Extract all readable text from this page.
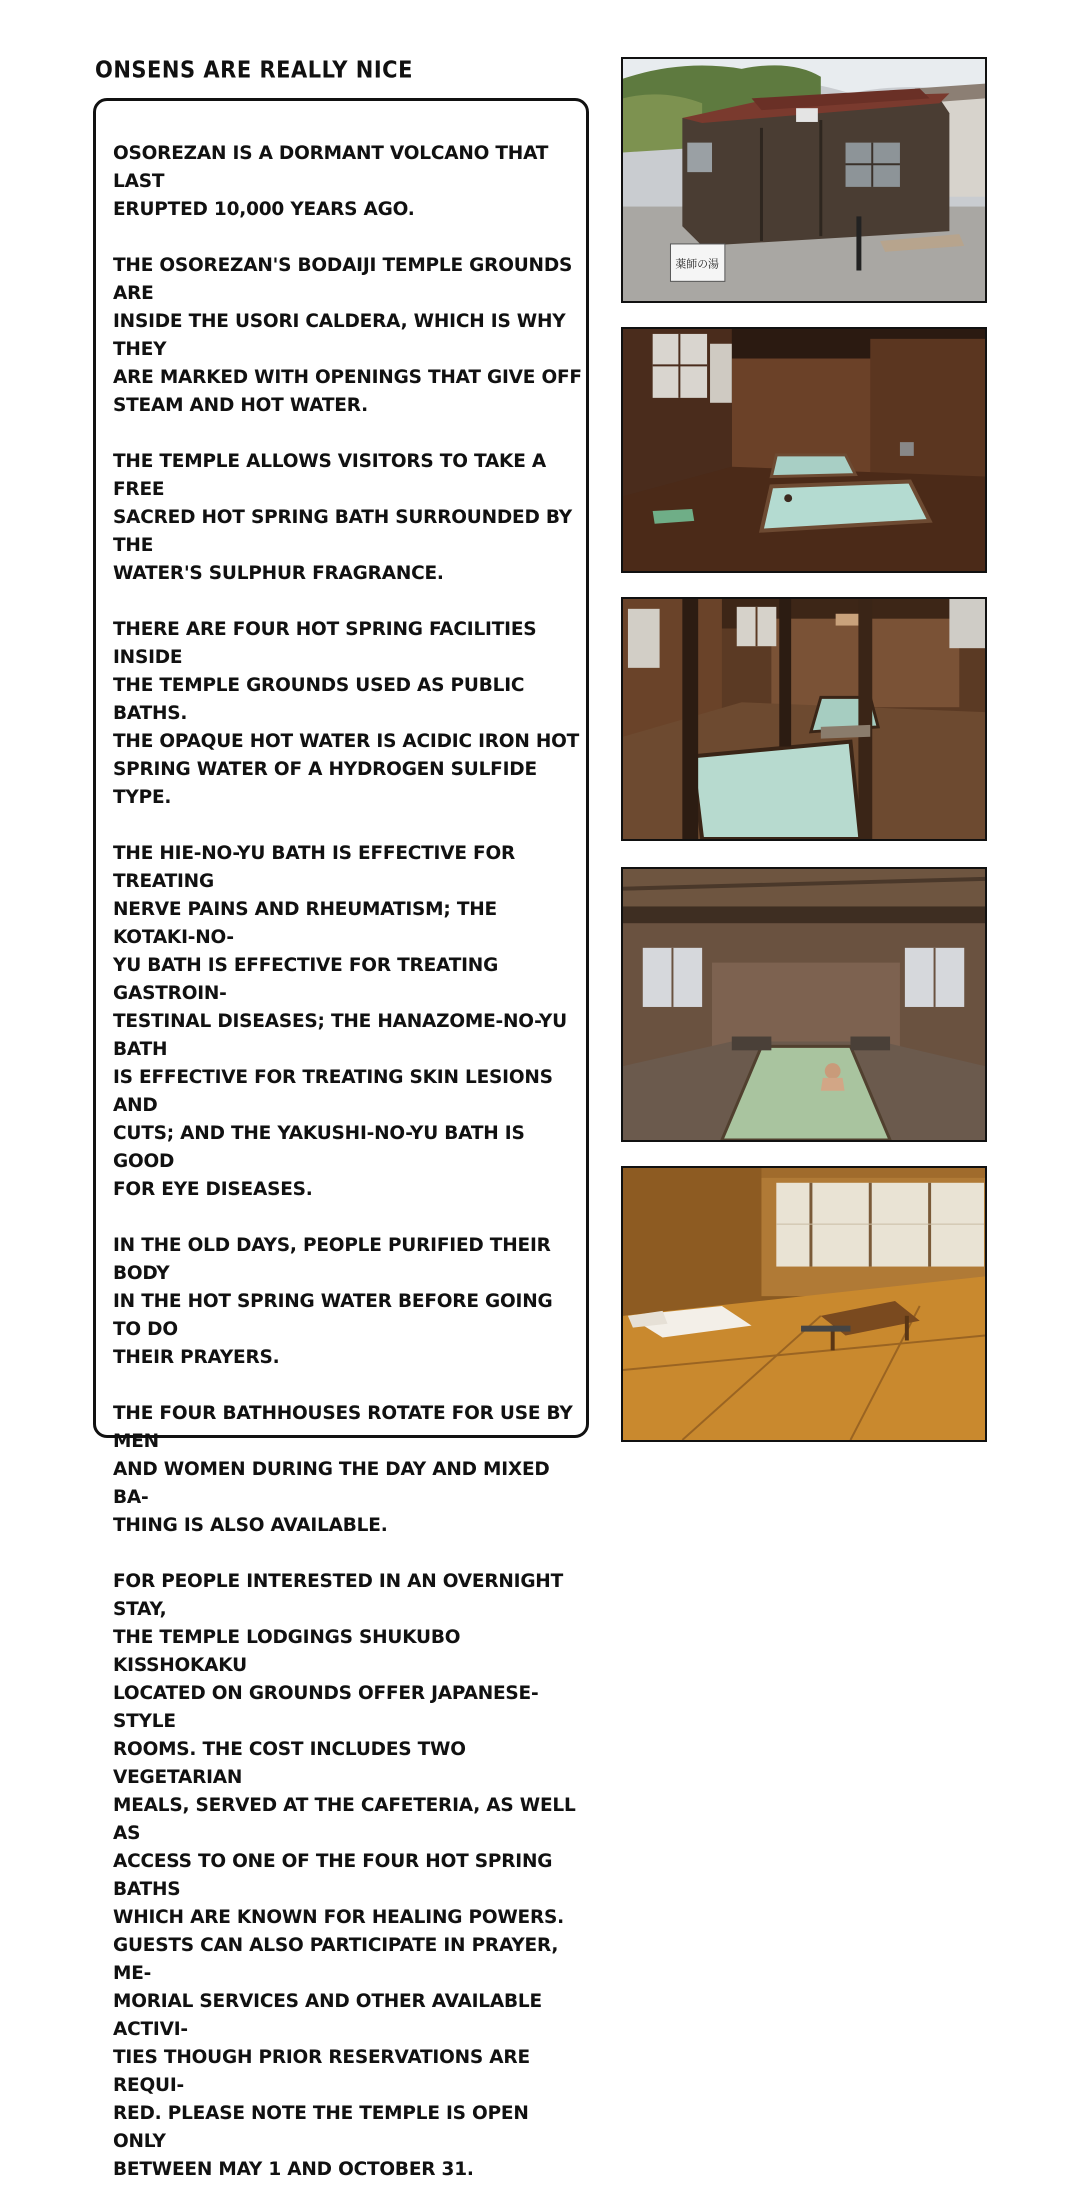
ONSENS ARE REALLY NICE

OSOREZAN IS A DORMANT VOLCANO THAT LAST
ERUPTED 10,000 YEARS AGO.

THE OSOREZAN'S BODAIJI TEMPLE GROUNDS ARE
INSIDE THE USORI CALDERA, WHICH IS WHY THEY
ARE MARKED WITH OPENINGS THAT GIVE OFF
STEAM AND HOT WATER.

THE TEMPLE ALLOWS VISITORS TO TAKE A FREE
SACRED HOT SPRING BATH SURROUNDED BY THE
WATER'S SULPHUR FRAGRANCE.

THERE ARE FOUR HOT SPRING FACILITIES INSIDE
THE TEMPLE GROUNDS USED AS PUBLIC BATHS.
THE OPAQUE HOT WATER IS ACIDIC IRON HOT
SPRING WATER OF A HYDROGEN SULFIDE TYPE.

THE HIE-NO-YU BATH IS EFFECTIVE FOR TREATING
NERVE PAINS AND RHEUMATISM; THE KOTAKI-NO-
YU BATH IS EFFECTIVE FOR TREATING GASTROIN-
TESTINAL DISEASES; THE HANAZOME-NO-YU BATH
IS EFFECTIVE FOR TREATING SKIN LESIONS AND
CUTS; AND THE YAKUSHI-NO-YU BATH IS GOOD
FOR EYE DISEASES.

IN THE OLD DAYS, PEOPLE PURIFIED THEIR BODY
IN THE HOT SPRING WATER BEFORE GOING TO DO
THEIR PRAYERS.

THE FOUR BATHHOUSES ROTATE FOR USE BY MEN
AND WOMEN DURING THE DAY AND MIXED BA-
THING IS ALSO AVAILABLE.

FOR PEOPLE INTERESTED IN AN OVERNIGHT STAY,
THE TEMPLE LODGINGS SHUKUBO KISSHOKAKU
LOCATED ON GROUNDS OFFER JAPANESE-STYLE
ROOMS. THE COST INCLUDES TWO VEGETARIAN
MEALS, SERVED AT THE CAFETERIA, AS WELL AS
ACCESS TO ONE OF THE FOUR HOT SPRING BATHS
WHICH ARE KNOWN FOR HEALING POWERS.
GUESTS CAN ALSO PARTICIPATE IN PRAYER, ME-
MORIAL SERVICES AND OTHER AVAILABLE ACTIVI-
TIES THOUGH PRIOR RESERVATIONS ARE REQUI-
RED. PLEASE NOTE THE TEMPLE IS OPEN ONLY
BETWEEN MAY 1 AND OCTOBER 31.

薬師の湯
